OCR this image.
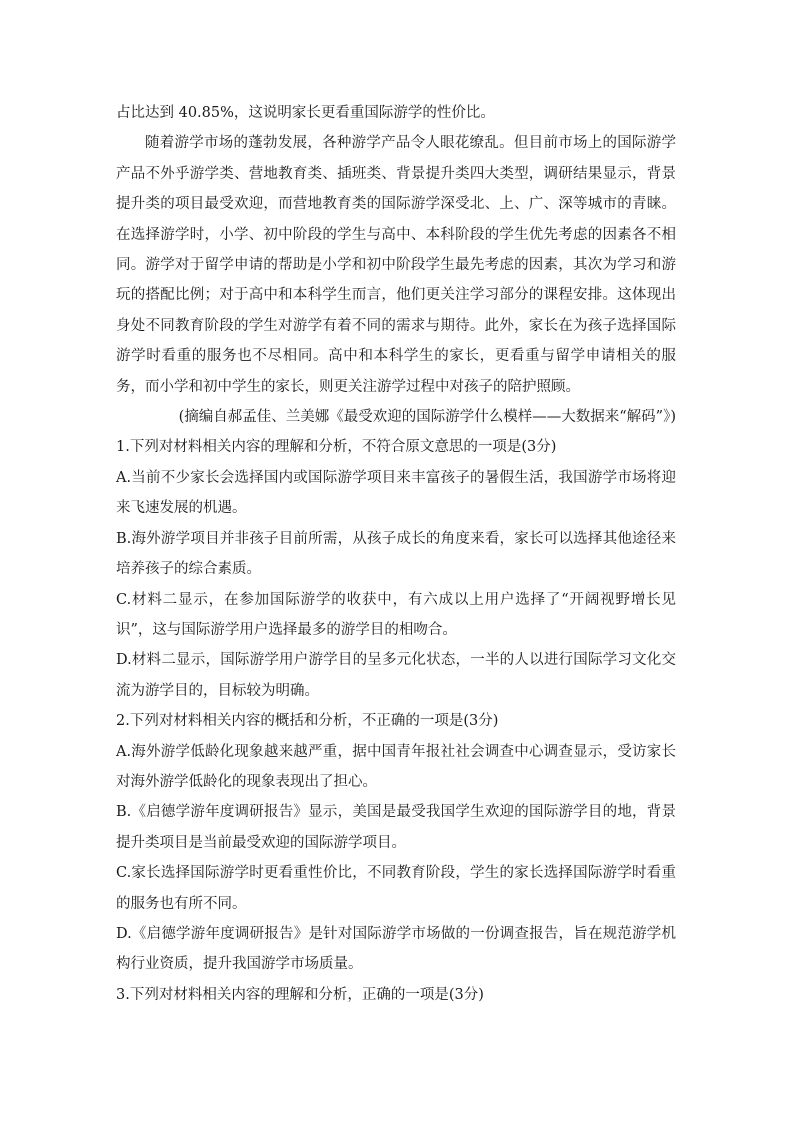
占比达到 40.85%，这说明家长更看重国际游学的性价比。

随着游学市场的蓬勃发展，各种游学产品令人眼花缭乱。但目前市场上的国际游学产品不外乎游学类、营地教育类、插班类、背景提升类四大类型，调研结果显示，背景提升类的项目最受欢迎，而营地教育类的国际游学深受北、上、广、深等城市的青睐。在选择游学时，小学、初中阶段的学生与高中、本科阶段的学生优先考虑的因素各不相同。游学对于留学申请的帮助是小学和初中阶段学生最先考虑的因素，其次为学习和游玩的搭配比例；对于高中和本科学生而言，他们更关注学习部分的课程安排。这体现出身处不同教育阶段的学生对游学有着不同的需求与期待。此外，家长在为孩子选择国际游学时看重的服务也不尽相同。高中和本科学生的家长，更看重与留学申请相关的服务，而小学和初中学生的家长，则更关注游学过程中对孩子的陪护照顾。

(摘编自郝孟佳、兰美娜《最受欢迎的国际游学什么模样——大数据来“解码”》)

1.下列对材料相关内容的理解和分析，不符合原文意思的一项是(3分)

A.当前不少家长会选择国内或国际游学项目来丰富孩子的暑假生活，我国游学市场将迎来飞速发展的机遇。

B.海外游学项目并非孩子目前所需，从孩子成长的角度来看，家长可以选择其他途径来培养孩子的综合素质。

C.材料二显示，在参加国际游学的收获中，有六成以上用户选择了“开阔视野增长见识”，这与国际游学用户选择最多的游学目的相吻合。

D.材料二显示，国际游学用户游学目的呈多元化状态，一半的人以进行国际学习文化交流为游学目的，目标较为明确。

2.下列对材料相关内容的概括和分析，不正确的一项是(3分)

A.海外游学低龄化现象越来越严重，据中国青年报社社会调查中心调查显示，受访家长对海外游学低龄化的现象表现出了担心。

B.《启德学游年度调研报告》显示，美国是最受我国学生欢迎的国际游学目的地，背景提升类项目是当前最受欢迎的国际游学项目。

C.家长选择国际游学时更看重性价比，不同教育阶段，学生的家长选择国际游学时看重的服务也有所不同。

D.《启德学游年度调研报告》是针对国际游学市场做的一份调查报告，旨在规范游学机构行业资质，提升我国游学市场质量。

3.下列对材料相关内容的理解和分析，正确的一项是(3分)
